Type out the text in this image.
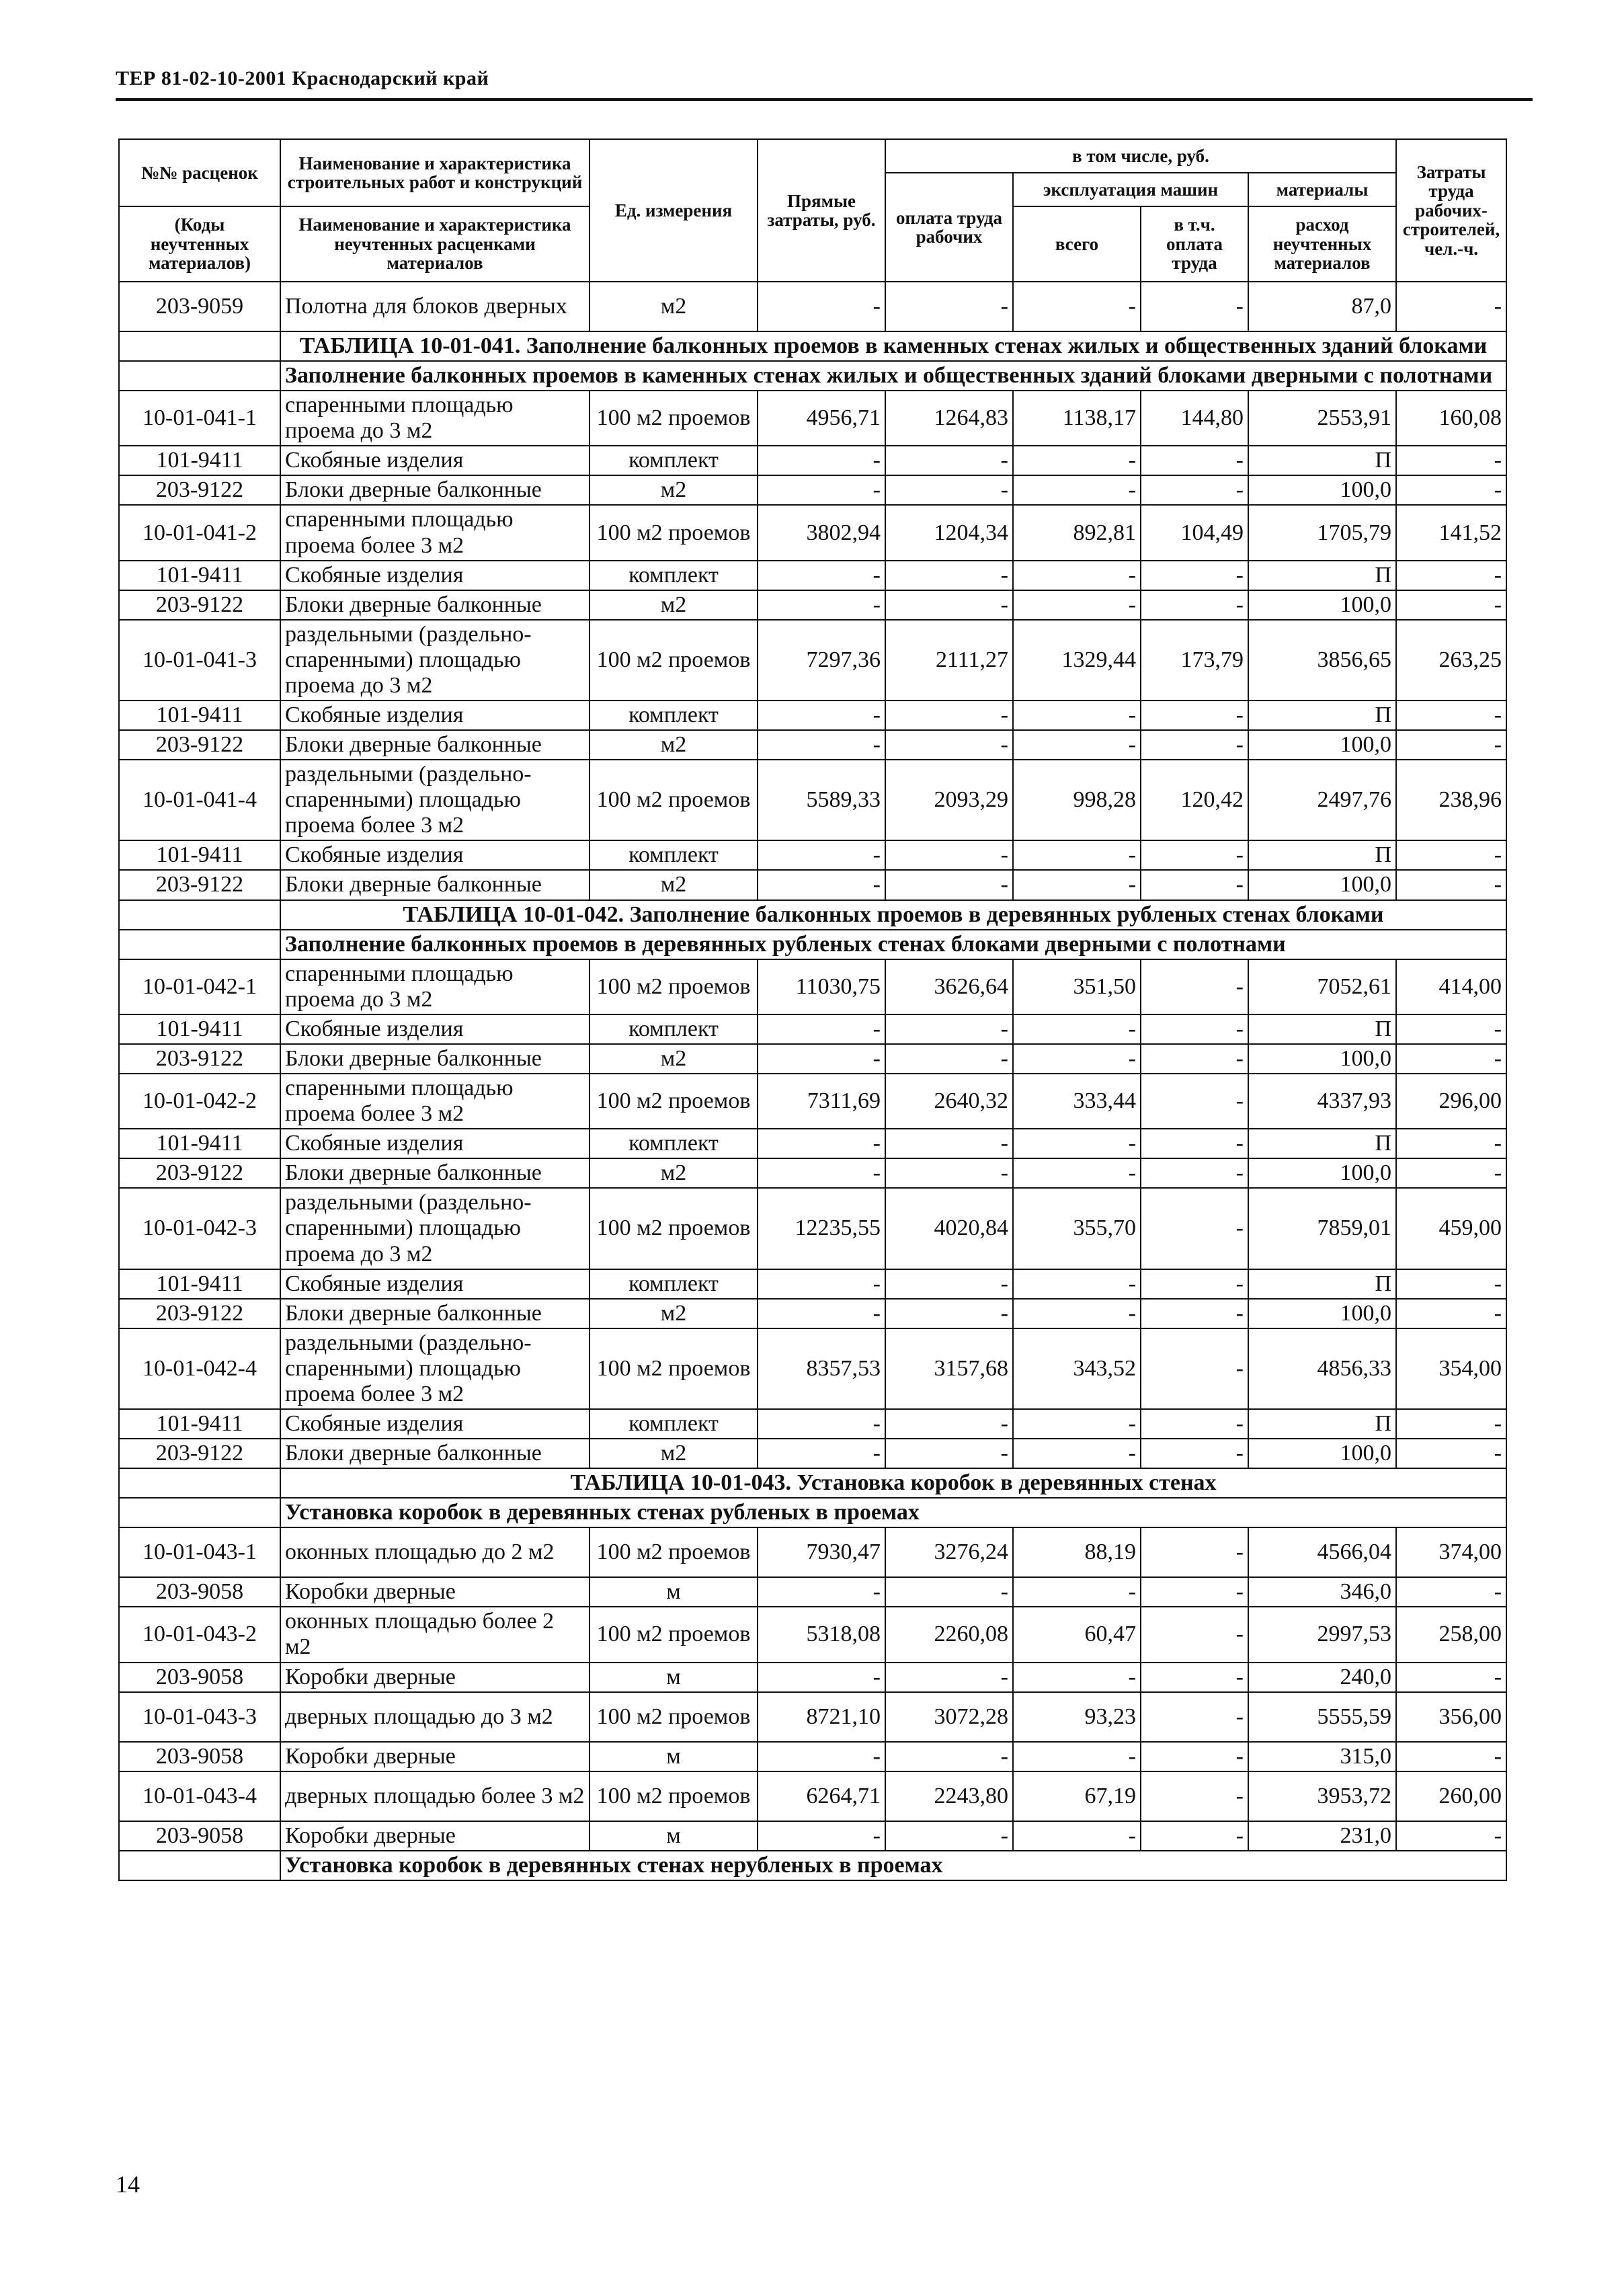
ТЕР 81-02-10-2001 Краснодарский край
№№ расценок	Наименование и характеристика строительных работ и конструкций	Ед. измерения	Прямые затраты, руб.	в том числе, руб.				Затраты труда рабочих-строителей, чел.-ч.
				оплата труда рабочих	эксплуатация машин		материалы	
(Коды неучтенных материалов)	Наименование и характеристика неучтенных расценками материалов				всего	в т.ч. оплата труда	расход неучтенных материалов	

203-9059	Полотна для блоков дверных	м2	-	-	-	-	87,0	-
	ТАБЛИЦА 10-01-041. Заполнение балконных проемов в каменных стенах жилых и общественных зданий блоками							
	Заполнение балконных проемов в каменных стенах жилых и общественных зданий блоками дверными с полотнами							
10-01-041-1	спаренными площадью проема до 3 м2	100 м2 проемов	4956,71	1264,83	1138,17	144,80	2553,91	160,08
101-9411	Скобяные изделия	комплект	-	-	-	-	П	-
203-9122	Блоки дверные балконные	м2	-	-	-	-	100,0	-
10-01-041-2	спаренными площадью проема более 3 м2	100 м2 проемов	3802,94	1204,34	892,81	104,49	1705,79	141,52
101-9411	Скобяные изделия	комплект	-	-	-	-	П	-
203-9122	Блоки дверные балконные	м2	-	-	-	-	100,0	-
10-01-041-3	раздельными (раздельно-спаренными) площадью проема до 3 м2	100 м2 проемов	7297,36	2111,27	1329,44	173,79	3856,65	263,25
101-9411	Скобяные изделия	комплект	-	-	-	-	П	-
203-9122	Блоки дверные балконные	м2	-	-	-	-	100,0	-
10-01-041-4	раздельными (раздельно-спаренными) площадью проема более 3 м2	100 м2 проемов	5589,33	2093,29	998,28	120,42	2497,76	238,96
101-9411	Скобяные изделия	комплект	-	-	-	-	П	-
203-9122	Блоки дверные балконные	м2	-	-	-	-	100,0	-
	ТАБЛИЦА 10-01-042. Заполнение балконных проемов в деревянных рубленых стенах блоками							
	Заполнение балконных проемов в деревянных рубленых стенах блоками дверными с полотнами							
10-01-042-1	спаренными площадью проема до 3 м2	100 м2 проемов	11030,75	3626,64	351,50	-	7052,61	414,00
101-9411	Скобяные изделия	комплект	-	-	-	-	П	-
203-9122	Блоки дверные балконные	м2	-	-	-	-	100,0	-
10-01-042-2	спаренными площадью проема более 3 м2	100 м2 проемов	7311,69	2640,32	333,44	-	4337,93	296,00
101-9411	Скобяные изделия	комплект	-	-	-	-	П	-
203-9122	Блоки дверные балконные	м2	-	-	-	-	100,0	-
10-01-042-3	раздельными (раздельно-спаренными) площадью проема до 3 м2	100 м2 проемов	12235,55	4020,84	355,70	-	7859,01	459,00
101-9411	Скобяные изделия	комплект	-	-	-	-	П	-
203-9122	Блоки дверные балконные	м2	-	-	-	-	100,0	-
10-01-042-4	раздельными (раздельно-спаренными) площадью проема более 3 м2	100 м2 проемов	8357,53	3157,68	343,52	-	4856,33	354,00
101-9411	Скобяные изделия	комплект	-	-	-	-	П	-
203-9122	Блоки дверные балконные	м2	-	-	-	-	100,0	-
	ТАБЛИЦА 10-01-043. Установка коробок в деревянных стенах							
	Установка коробок в деревянных стенах рубленых в проемах							
10-01-043-1	оконных площадью до 2 м2	100 м2 проемов	7930,47	3276,24	88,19	-	4566,04	374,00
203-9058	Коробки дверные	м	-	-	-	-	346,0	-
10-01-043-2	оконных площадью более 2 м2	100 м2 проемов	5318,08	2260,08	60,47	-	2997,53	258,00
203-9058	Коробки дверные	м	-	-	-	-	240,0	-
10-01-043-3	дверных площадью до 3 м2	100 м2 проемов	8721,10	3072,28	93,23	-	5555,59	356,00
203-9058	Коробки дверные	м	-	-	-	-	315,0	-
10-01-043-4	дверных площадью более 3 м2	100 м2 проемов	6264,71	2243,80	67,19	-	3953,72	260,00
203-9058	Коробки дверные	м	-	-	-	-	231,0	-
	Установка коробок в деревянных стенах нерубленых в проемах							
14
